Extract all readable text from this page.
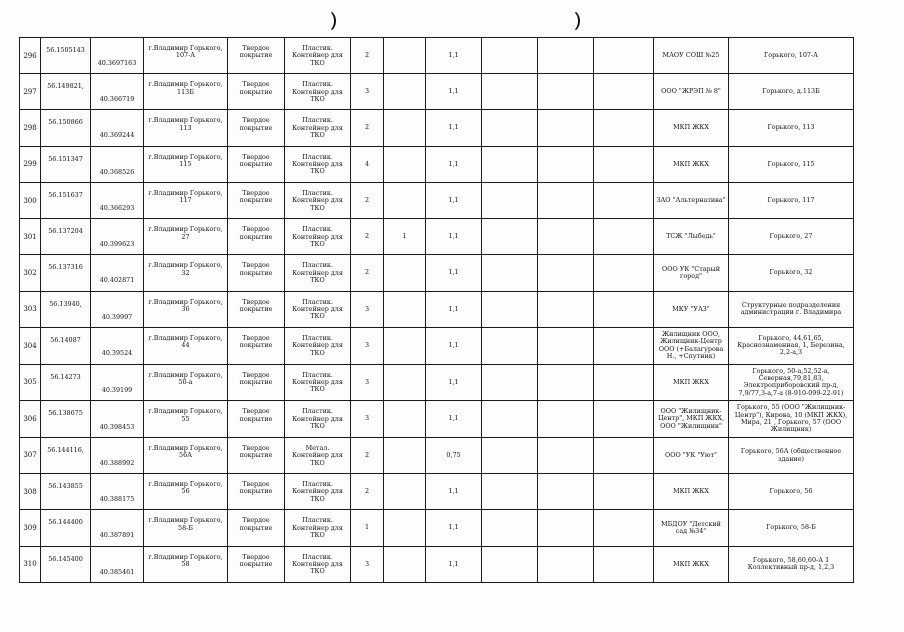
296	56.1505143	40.3697163	г.Владимир Горького, 107-А	Твердое покрытие	Пластик. Контейнер для ТКО	2		1,1				МАОУ СОШ №25	Горького, 107-А
297	56.149821,	40.366719	г.Владимир Горького, 113Б	Твердое покрытие	Пластик. Контейнер для ТКО	3		1,1				ООО "ЖРЭП № 8"	Горького, д.113Б
298	56.150866	40.369244	г.Владимир Горького, 113	Твердое покрытие	Пластик. Контейнер для ТКО	2		1,1				МКП ЖКХ	Горького, 113
299	56.151347	40.368526	г.Владимир Горького, 115	Твердое покрытие	Пластик. Контейнер для ТКО	4		1,1				МКП ЖКХ	Горького, 115
300	56.151637	40.366293	г.Владимир Горького, 117	Твердое покрытие	Пластик. Контейнер для ТКО	2		1,1				ЗАО "Альтернатива"	Горького, 117
301	56.137204	40.399623	г.Владимир Горького, 27	Твердое покрытие	Пластик. Контейнер для ТКО	2	1	1,1				ТСЖ "Лыбедь"	Горького, 27
302	56.137316	40.402871	г.Владимир Горького, 32	Твердое покрытие	Пластик. Контейнер для ТКО	2		1,1				ООО УК "Старый город"	Горького, 32
303	56.13940,	40.39997	г.Владимир Горького, 36	Твердое покрытие	Пластик. Контейнер для ТКО	3		1,1				МКУ "УАЗ"	Структурные подразделения администрации г. Владимира
304	56.14087	40.39524	г.Владимир Горького, 44	Твердое покрытие	Пластик. Контейнер для ТКО	3		1,1				Жилищник ООО, Жилищник-Центр ООО (+Балагурова Н., +Спутник)	Горького, 44,61,65, Краснознаменная, 1, Березина, 2,2-а,3
305	56.14273	40.39199	г.Владимир Горького, 50-а	Твердое покрытие	Пластик. Контейнер для ТКО	3		1,1				МКП ЖКХ	Горького, 50-а,52,52-а, Северная,79,81,83, Электроприборовский пр-д, 7,9/77,3-а,7-а (8-910-099-22-91)
306	56.138675	40.398453	г.Владимир Горького, 55	Твердое покрытие	Пластик. Контейнер для ТКО	3		1,1				ООО "Жилищник-Центр", МКП ЖКХ, ООО "Жилищник"	Горького, 55 (ООО "Жилищник-Центр"), Кирова, 10 (МКП ЖКХ), Мира, 21 , Горького, 57 (ООО Жилищник)
307	56.144116,	40.388992	г.Владимир Горького, 56А	Твердое покрытие	Метал. Контейнер для ТКО	2		0,75				ООО "УК "Уют"	Горького, 56А (общественное здание)
308	56.143855	40.388175	г.Владимир Горького, 56	Твердое покрытие	Пластик. Контейнер для ТКО	2		1,1				МКП ЖКХ	Горького, 56
309	56.144400	40.387891	г.Владимир Горького, 58-Б	Твердое покрытие	Пластик. Контейнер для ТКО	1		1,1				МБДОУ "Детский сад №34"	Горького, 58-Б
310	56.145400	40.385461	г.Владимир Горького, 58	Твердое покрытие	Пластик. Контейнер для ТКО	3		1,1				МКП ЖКХ	Горького, 58,60,60-А 1 Коллективный пр-д, 1,2,3
